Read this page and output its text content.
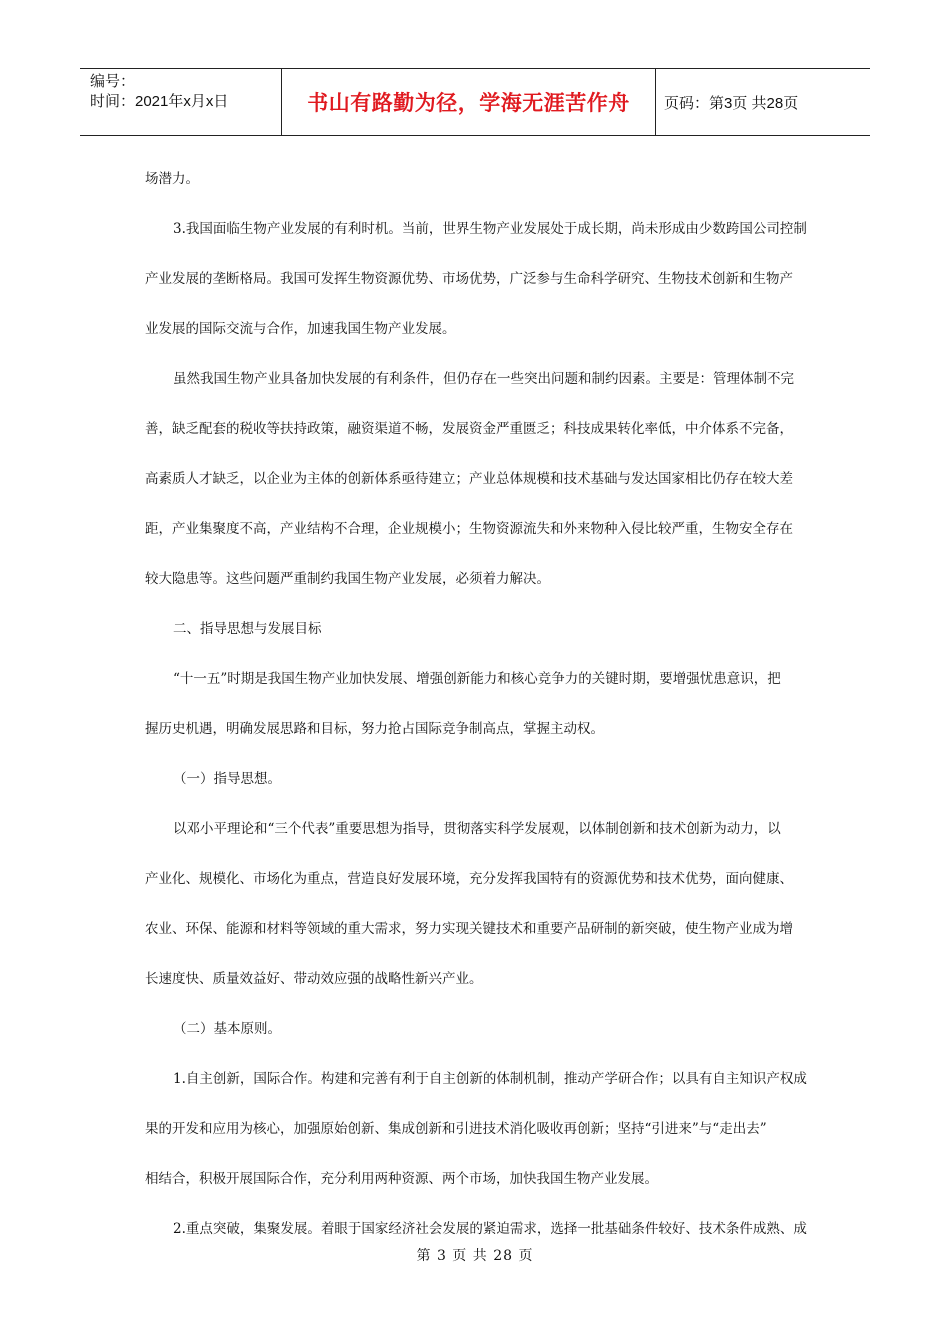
编号：
时间：2021年x月x日	书山有路勤为径，学海无涯苦作舟	页码：第3页 共28页

场潜力。

3.我国面临生物产业发展的有利时机。当前，世界生物产业发展处于成长期，尚未形成由少数跨国公司控制

产业发展的垄断格局。我国可发挥生物资源优势、市场优势，广泛参与生命科学研究、生物技术创新和生物产

业发展的国际交流与合作，加速我国生物产业发展。

虽然我国生物产业具备加快发展的有利条件，但仍存在一些突出问题和制约因素。主要是：管理体制不完

善，缺乏配套的税收等扶持政策，融资渠道不畅，发展资金严重匮乏；科技成果转化率低，中介体系不完备，

高素质人才缺乏，以企业为主体的创新体系亟待建立；产业总体规模和技术基础与发达国家相比仍存在较大差

距，产业集聚度不高，产业结构不合理，企业规模小；生物资源流失和外来物种入侵比较严重，生物安全存在

较大隐患等。这些问题严重制约我国生物产业发展，必须着力解决。

二、指导思想与发展目标

“十一五”时期是我国生物产业加快发展、增强创新能力和核心竞争力的关键时期，要增强忧患意识，把

握历史机遇，明确发展思路和目标，努力抢占国际竞争制高点，掌握主动权。

（一）指导思想。

以邓小平理论和“三个代表”重要思想为指导，贯彻落实科学发展观，以体制创新和技术创新为动力，以

产业化、规模化、市场化为重点，营造良好发展环境，充分发挥我国特有的资源优势和技术优势，面向健康、

农业、环保、能源和材料等领域的重大需求，努力实现关键技术和重要产品研制的新突破，使生物产业成为增

长速度快、质量效益好、带动效应强的战略性新兴产业。

（二）基本原则。

1.自主创新，国际合作。构建和完善有利于自主创新的体制机制，推动产学研合作；以具有自主知识产权成

果的开发和应用为核心，加强原始创新、集成创新和引进技术消化吸收再创新；坚持“引进来”与“走出去”

相结合，积极开展国际合作，充分利用两种资源、两个市场，加快我国生物产业发展。

2.重点突破，集聚发展。着眼于国家经济社会发展的紧迫需求，选择一批基础条件较好、技术条件成熟、成

第 3 页 共 28 页
